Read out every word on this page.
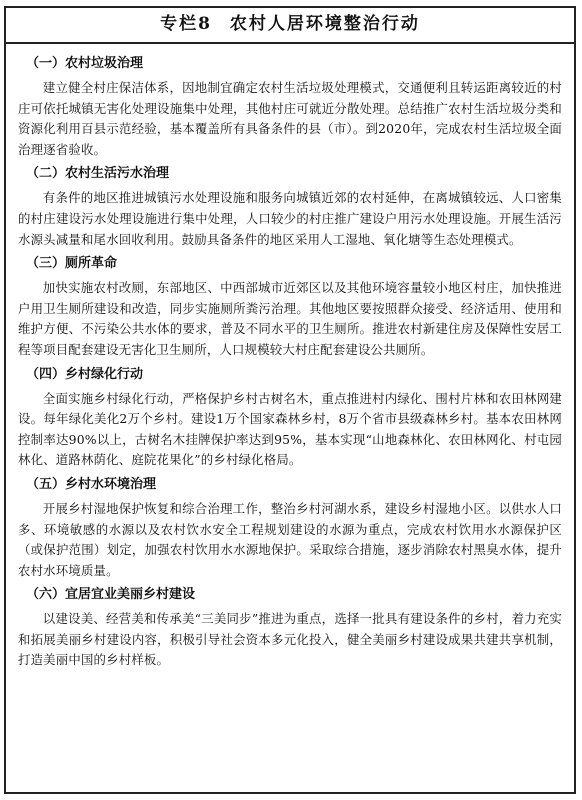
专栏8 农村人居环境整治行动
（一）农村垃圾治理

建立健全村庄保洁体系，因地制宜确定农村生活垃圾处理模式，交通便利且转运距离较近的村庄可依托城镇无害化处理设施集中处理，其他村庄可就近分散处理。总结推广农村生活垃圾分类和资源化利用百县示范经验，基本覆盖所有具备条件的县（市）。到2020年，完成农村生活垃圾全面治理逐省验收。

（二）农村生活污水治理

有条件的地区推进城镇污水处理设施和服务向城镇近郊的农村延伸，在离城镇较远、人口密集的村庄建设污水处理设施进行集中处理，人口较少的村庄推广建设户用污水处理设施。开展生活污水源头减量和尾水回收利用。鼓励具备条件的地区采用人工湿地、氧化塘等生态处理模式。

（三）厕所革命

加快实施农村改厕，东部地区、中西部城市近郊区以及其他环境容量较小地区村庄，加快推进户用卫生厕所建设和改造，同步实施厕所粪污治理。其他地区要按照群众接受、经济适用、使用和维护方便、不污染公共水体的要求，普及不同水平的卫生厕所。推进农村新建住房及保障性安居工程等项目配套建设无害化卫生厕所，人口规模较大村庄配套建设公共厕所。

（四）乡村绿化行动

全面实施乡村绿化行动，严格保护乡村古树名木，重点推进村内绿化、围村片林和农田林网建设。每年绿化美化2万个乡村。建设1万个国家森林乡村，8万个省市县级森林乡村。基本农田林网控制率达90%以上，古树名木挂牌保护率达到95%，基本实现“山地森林化、农田林网化、村屯园林化、道路林荫化、庭院花果化”的乡村绿化格局。

（五）乡村水环境治理

开展乡村湿地保护恢复和综合治理工作，整治乡村河湖水系，建设乡村湿地小区。以供水人口多、环境敏感的水源以及农村饮水安全工程规划建设的水源为重点，完成农村饮用水水源保护区（或保护范围）划定，加强农村饮用水水源地保护。采取综合措施，逐步消除农村黑臭水体，提升农村水环境质量。

（六）宜居宜业美丽乡村建设

以建设美、经营美和传承美“三美同步”推进为重点，选择一批具有建设条件的乡村，着力充实和拓展美丽乡村建设内容，积极引导社会资本多元化投入，健全美丽乡村建设成果共建共享机制，打造美丽中国的乡村样板。
